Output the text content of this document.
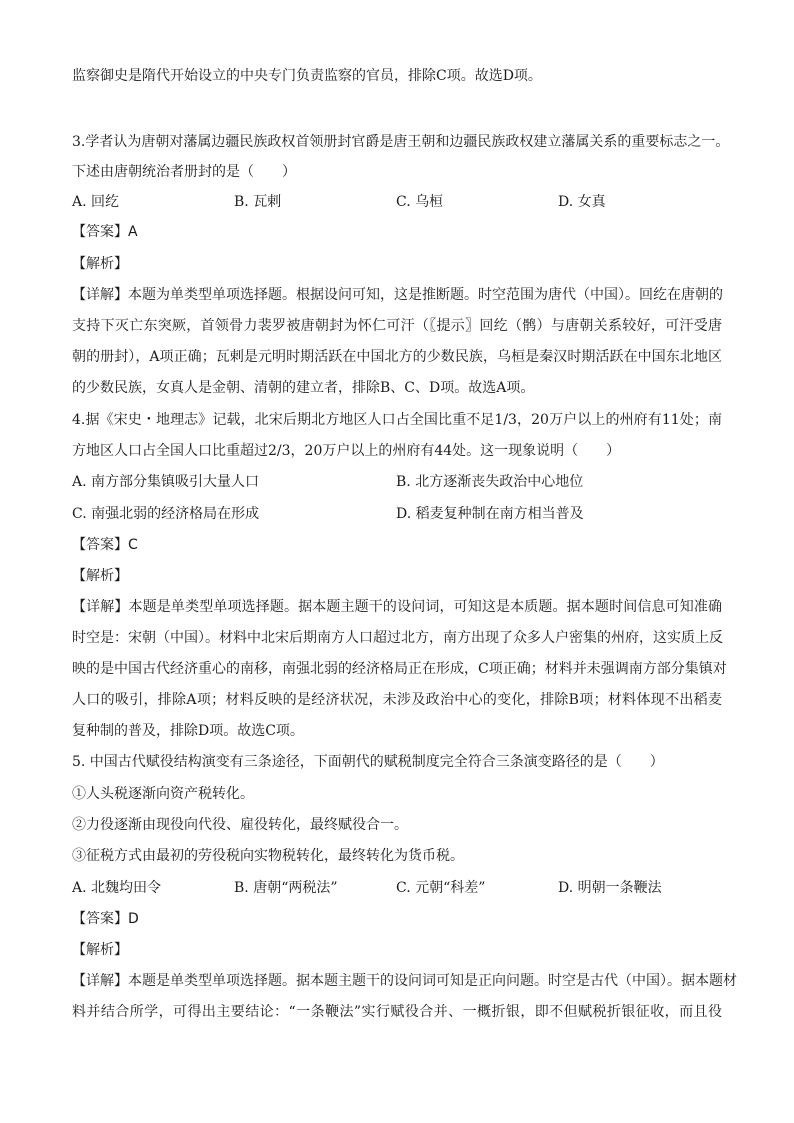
监察御史是隋代开始设立的中央专门负责监察的官员，排除C项。故选D项。
3.学者认为唐朝对藩属边疆民族政权首领册封官爵是唐王朝和边疆民族政权建立藩属关系的重要标志之一。
下述由唐朝统治者册封的是（　　）
A. 回纥	B. 瓦剌	C. 乌桓	D. 女真
【答案】A
【解析】
【详解】本题为单类型单项选择题。根据设问可知，这是推断题。时空范围为唐代（中国）。回纥在唐朝的
支持下灭亡东突厥，首领骨力裴罗被唐朝封为怀仁可汗（〖提示〗回纥（鹘）与唐朝关系较好，可汗受唐
朝的册封），A项正确；瓦剌是元明时期活跃在中国北方的少数民族，乌桓是秦汉时期活跃在中国东北地区
的少数民族，女真人是金朝、清朝的建立者，排除B、C、D项。故选A项。
4.据《宋史・地理志》记载，北宋后期北方地区人口占全国比重不足1/3，20万户以上的州府有11处；南
方地区人口占全国人口比重超过2/3，20万户以上的州府有44处。这一现象说明（　　）
A. 南方部分集镇吸引大量人口	B. 北方逐渐丧失政治中心地位
C. 南强北弱的经济格局在形成	D. 稻麦复种制在南方相当普及
【答案】C
【解析】
【详解】本题是单类型单项选择题。据本题主题干的设问词，可知这是本质题。据本题时间信息可知准确
时空是：宋朝（中国）。材料中北宋后期南方人口超过北方，南方出现了众多人户密集的州府，这实质上反
映的是中国古代经济重心的南移，南强北弱的经济格局正在形成，C项正确；材料并未强调南方部分集镇对
人口的吸引，排除A项；材料反映的是经济状况，未涉及政治中心的变化，排除B项；材料体现不出稻麦
复种制的普及，排除D项。故选C项。
5. 中国古代赋役结构演变有三条途径，下面朝代的赋税制度完全符合三条演变路径的是（　　）
①人头税逐渐向资产税转化。
②力役逐渐由现役向代役、雇役转化，最终赋役合一。
③征税方式由最初的劳役税向实物税转化，最终转化为货币税。
A. 北魏均田令	B. 唐朝“两税法”	C. 元朝“科差”	D. 明朝一条鞭法
【答案】D
【解析】
【详解】本题是单类型单项选择题。据本题主题干的设问词可知是正向问题。时空是古代（中国）。据本题材
料并结合所学，可得出主要结论：“一条鞭法”实行赋役合并、一概折银，即不但赋税折银征收，而且役
